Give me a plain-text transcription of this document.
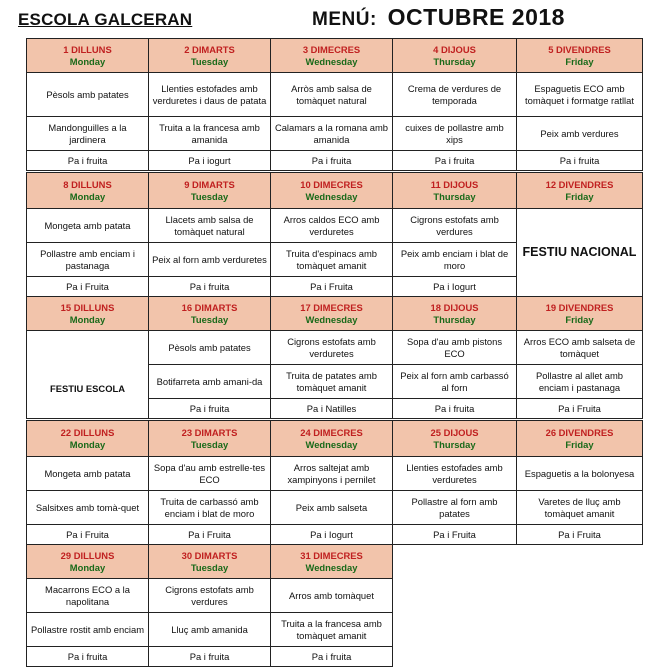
ESCOLA GALCERAN	MENÚ: OCTUBRE 2018
1 DILLUNS
Monday
Pèsols amb patates
Mandonguilles a la jardinera
Pa i fruita
2 DIMARTS
Tuesday
Llenties estofades amb verduretes i daus de patata
Truita a la francesa amb amanida
Pa i iogurt
3 DIMECRES
Wednesday
Arròs amb salsa de tomàquet natural
Calamars a la romana amb amanida
Pa i fruita
4 DIJOUS
Thursday
Crema de verdures de temporada
cuixes de pollastre amb xips
Pa i fruita
5 DIVENDRES
Friday
Espaguetis ECO amb tomàquet i formatge ratllat
Peix amb verdures
Pa i fruita
8 DILLUNS
Monday
Mongeta amb patata
Pollastre amb enciam i pastanaga
Pa i Fruita
9 DIMARTS
Tuesday
Llacets amb salsa de tomàquet natural
Peix al forn amb verduretes
Pa i fruita
10 DIMECRES
Wednesday
Arros caldos ECO amb verduretes
Truita d'espinacs amb tomàquet amanit
Pa i Fruita
11 DIJOUS
Thursday
Cigrons estofats amb verdures
Peix amb enciam i blat de moro
Pa i Iogurt
12 DIVENDRES
Friday
FESTIU NACIONAL
15 DILLUNS
Monday
FESTIU ESCOLA
16 DIMARTS
Tuesday
Pèsols amb patates
Botifarreta amb amani-da
Pa i fruita
17 DIMECRES
Wednesday
Cigrons estofats amb verduretes
Truita de patates amb tomàquet amanit
Pa i Natilles
18 DIJOUS
Thursday
Sopa d'au amb pistons ECO
Peix al forn amb carbassó al forn
Pa i fruita
19 DIVENDRES
Friday
Arros ECO amb salseta de tomàquet
Pollastre al allet amb enciam i pastanaga
Pa i Fruita
22 DILLUNS
Monday
Mongeta amb patata
Salsitxes amb tomà-quet
Pa i Fruita
23 DIMARTS
Tuesday
Sopa d'au amb estrelle-tes ECO
Truita de carbassó amb enciam i blat de moro
Pa i Fruita
24 DIMECRES
Wednesday
Arros saltejat amb xampinyons i pernilet
Peix amb salseta
Pa i Iogurt
25 DIJOUS
Thursday
Llenties estofades amb verduretes
Pollastre al forn amb patates
Pa i Fruita
26 DIVENDRES
Friday
Espaguetis a la bolonyesa
Varetes de lluç amb tomàquet amanit
Pa i Fruita
29 DILLUNS
Monday
Macarrons ECO a la napolitana
Pollastre rostit amb enciam
Pa i fruita
30 DIMARTS
Tuesday
Cigrons estofats amb verdures
Lluç amb amanida
Pa i fruita
31 DIMECRES
Wednesday
Arros amb tomàquet
Truita a la francesa amb tomàquet amanit
Pa i fruita
